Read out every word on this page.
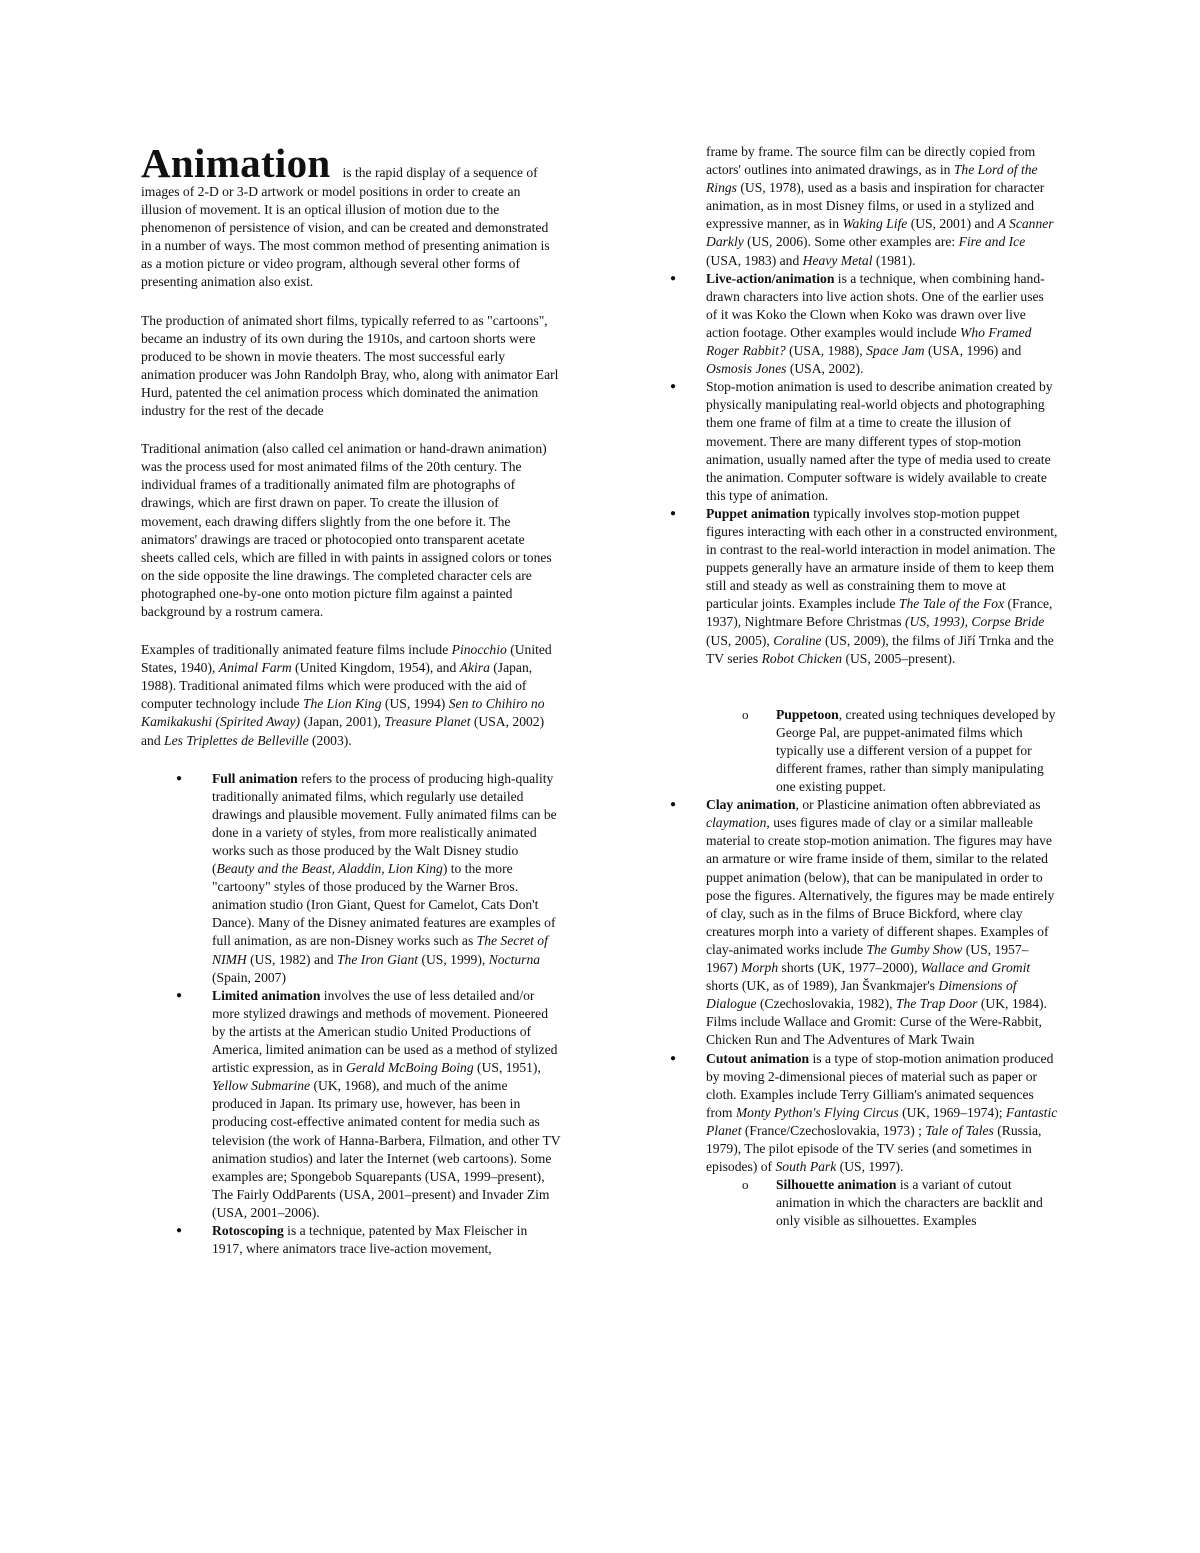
Animation is the rapid display of a sequence of images of 2-D or 3-D artwork or model positions in order to create an illusion of movement. It is an optical illusion of motion due to the phenomenon of persistence of vision, and can be created and demonstrated in a number of ways. The most common method of presenting animation is as a motion picture or video program, although several other forms of presenting animation also exist.

The production of animated short films, typically referred to as "cartoons", became an industry of its own during the 1910s, and cartoon shorts were produced to be shown in movie theaters. The most successful early animation producer was John Randolph Bray, who, along with animator Earl Hurd, patented the cel animation process which dominated the animation industry for the rest of the decade

Traditional animation (also called cel animation or hand-drawn animation) was the process used for most animated films of the 20th century. The individual frames of a traditionally animated film are photographs of drawings, which are first drawn on paper. To create the illusion of movement, each drawing differs slightly from the one before it. The animators' drawings are traced or photocopied onto transparent acetate sheets called cels, which are filled in with paints in assigned colors or tones on the side opposite the line drawings. The completed character cels are photographed one-by-one onto motion picture film against a painted background by a rostrum camera.

Examples of traditionally animated feature films include Pinocchio (United States, 1940), Animal Farm (United Kingdom, 1954), and Akira (Japan, 1988). Traditional animated films which were produced with the aid of computer technology include The Lion King (US, 1994) Sen to Chihiro no Kamikakushi (Spirited Away) (Japan, 2001), Treasure Planet (USA, 2002) and Les Triplettes de Belleville (2003).

● Full animation refers to the process of producing high-quality traditionally animated films, which regularly use detailed drawings and plausible movement. Fully animated films can be done in a variety of styles, from more realistically animated works such as those produced by the Walt Disney studio (Beauty and the Beast, Aladdin, Lion King) to the more "cartoony" styles of those produced by the Warner Bros. animation studio (Iron Giant, Quest for Camelot, Cats Don't Dance). Many of the Disney animated features are examples of full animation, as are non-Disney works such as The Secret of NIMH (US, 1982) and The Iron Giant (US, 1999), Nocturna (Spain, 2007)
● Limited animation involves the use of less detailed and/or more stylized drawings and methods of movement. Pioneered by the artists at the American studio United Productions of America, limited animation can be used as a method of stylized artistic expression, as in Gerald McBoing Boing (US, 1951), Yellow Submarine (UK, 1968), and much of the anime produced in Japan. Its primary use, however, has been in producing cost-effective animated content for media such as television (the work of Hanna-Barbera, Filmation, and other TV animation studios) and later the Internet (web cartoons). Some examples are; Spongebob Squarepants (USA, 1999–present), The Fairly OddParents (USA, 2001–present) and Invader Zim (USA, 2001–2006).
● Rotoscoping is a technique, patented by Max Fleischer in 1917, where animators trace live-action movement,

frame by frame. The source film can be directly copied from actors' outlines into animated drawings, as in The Lord of the Rings (US, 1978), used as a basis and inspiration for character animation, as in most Disney films, or used in a stylized and expressive manner, as in Waking Life (US, 2001) and A Scanner Darkly (US, 2006). Some other examples are: Fire and Ice (USA, 1983) and Heavy Metal (1981).

● Live-action/animation is a technique, when combining hand-drawn characters into live action shots. One of the earlier uses of it was Koko the Clown when Koko was drawn over live action footage. Other examples would include Who Framed Roger Rabbit? (USA, 1988), Space Jam (USA, 1996) and Osmosis Jones (USA, 2002).
● Stop-motion animation is used to describe animation created by physically manipulating real-world objects and photographing them one frame of film at a time to create the illusion of movement. There are many different types of stop-motion animation, usually named after the type of media used to create the animation. Computer software is widely available to create this type of animation.
● Puppet animation typically involves stop-motion puppet figures interacting with each other in a constructed environment, in contrast to the real-world interaction in model animation. The puppets generally have an armature inside of them to keep them still and steady as well as constraining them to move at particular joints. Examples include The Tale of the Fox (France, 1937), Nightmare Before Christmas (US, 1993), Corpse Bride (US, 2005), Coraline (US, 2009), the films of Jiří Trnka and the TV series Robot Chicken (US, 2005–present).
o Puppetoon, created using techniques developed by George Pal, are puppet-animated films which typically use a different version of a puppet for different frames, rather than simply manipulating one existing puppet.
● Clay animation, or Plasticine animation often abbreviated as claymation, uses figures made of clay or a similar malleable material to create stop-motion animation. The figures may have an armature or wire frame inside of them, similar to the related puppet animation (below), that can be manipulated in order to pose the figures. Alternatively, the figures may be made entirely of clay, such as in the films of Bruce Bickford, where clay creatures morph into a variety of different shapes. Examples of clay-animated works include The Gumby Show (US, 1957–1967) Morph shorts (UK, 1977–2000), Wallace and Gromit shorts (UK, as of 1989), Jan Švankmajer's Dimensions of Dialogue (Czechoslovakia, 1982), The Trap Door (UK, 1984). Films include Wallace and Gromit: Curse of the Were-Rabbit, Chicken Run and The Adventures of Mark Twain
● Cutout animation is a type of stop-motion animation produced by moving 2-dimensional pieces of material such as paper or cloth. Examples include Terry Gilliam's animated sequences from Monty Python's Flying Circus (UK, 1969–1974); Fantastic Planet (France/Czechoslovakia, 1973) ; Tale of Tales (Russia, 1979), The pilot episode of the TV series (and sometimes in episodes) of South Park (US, 1997).
o Silhouette animation is a variant of cutout animation in which the characters are backlit and only visible as silhouettes. Examples
